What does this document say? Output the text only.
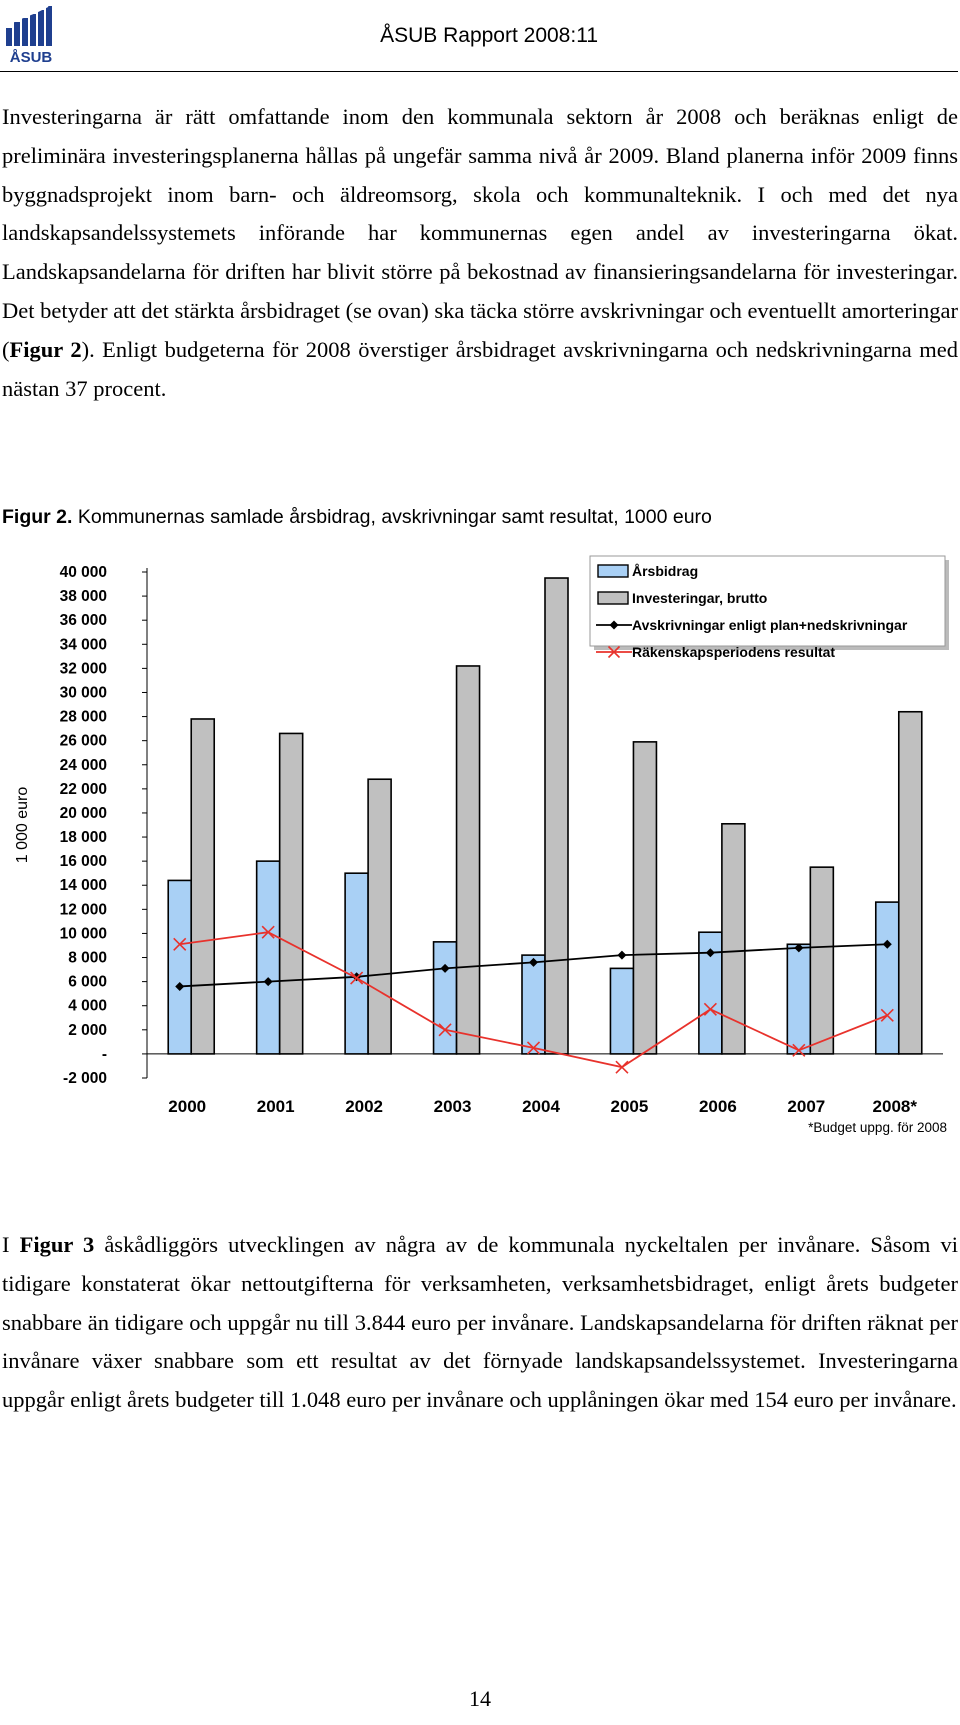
ÅSUB
ÅSUB Rapport 2008:11

Investeringarna är rätt omfattande inom den kommunala sektorn år 2008 och beräknas enligt de preliminära investeringsplanerna hållas på ungefär samma nivå år 2009. Bland planerna inför 2009 finns byggnadsprojekt inom barn- och äldreomsorg, skola och kommunalteknik. I och med det nya landskapsandelssystemets införande har kommunernas egen andel av investeringarna ökat. Landskapsandelarna för driften har blivit större på bekostnad av finansieringsandelarna för investeringar. Det betyder att det stärkta årsbidraget (se ovan) ska täcka större avskrivningar och eventuellt amorteringar (Figur 2). Enligt budgeterna för 2008 överstiger årsbidraget avskrivningarna och nedskrivningarna med nästan 37 procent.

Figur 2. Kommunernas samlade årsbidrag, avskrivningar samt resultat, 1000 euro
40 000
38 000
36 000
34 000
32 000
30 000
28 000
26 000
24 000
22 000
20 000
18 000
16 000
14 000
12 000
10 000
8 000
6 000
4 000
2 000
-
-2 000
1 000 euro
2000	2001	2002	2003	2004	2005	2006	2007	2008*
*Budget uppg. för 2008
Årsbidrag
Investeringar, brutto
Avskrivningar enligt plan+nedskrivningar
Räkenskapsperiodens resultat

I Figur 3 åskådliggörs utvecklingen av några av de kommunala nyckeltalen per invånare. Såsom vi tidigare konstaterat ökar nettoutgifterna för verksamheten, verksamhetsbidraget, enligt årets budgeter snabbare än tidigare och uppgår nu till 3.844 euro per invånare. Landskapsandelarna för driften räknat per invånare växer snabbare som ett resultat av det förnyade landskapsandelssystemet. Investeringarna uppgår enligt årets budgeter till 1.048 euro per invånare och upplåningen ökar med 154 euro per invånare.

14
